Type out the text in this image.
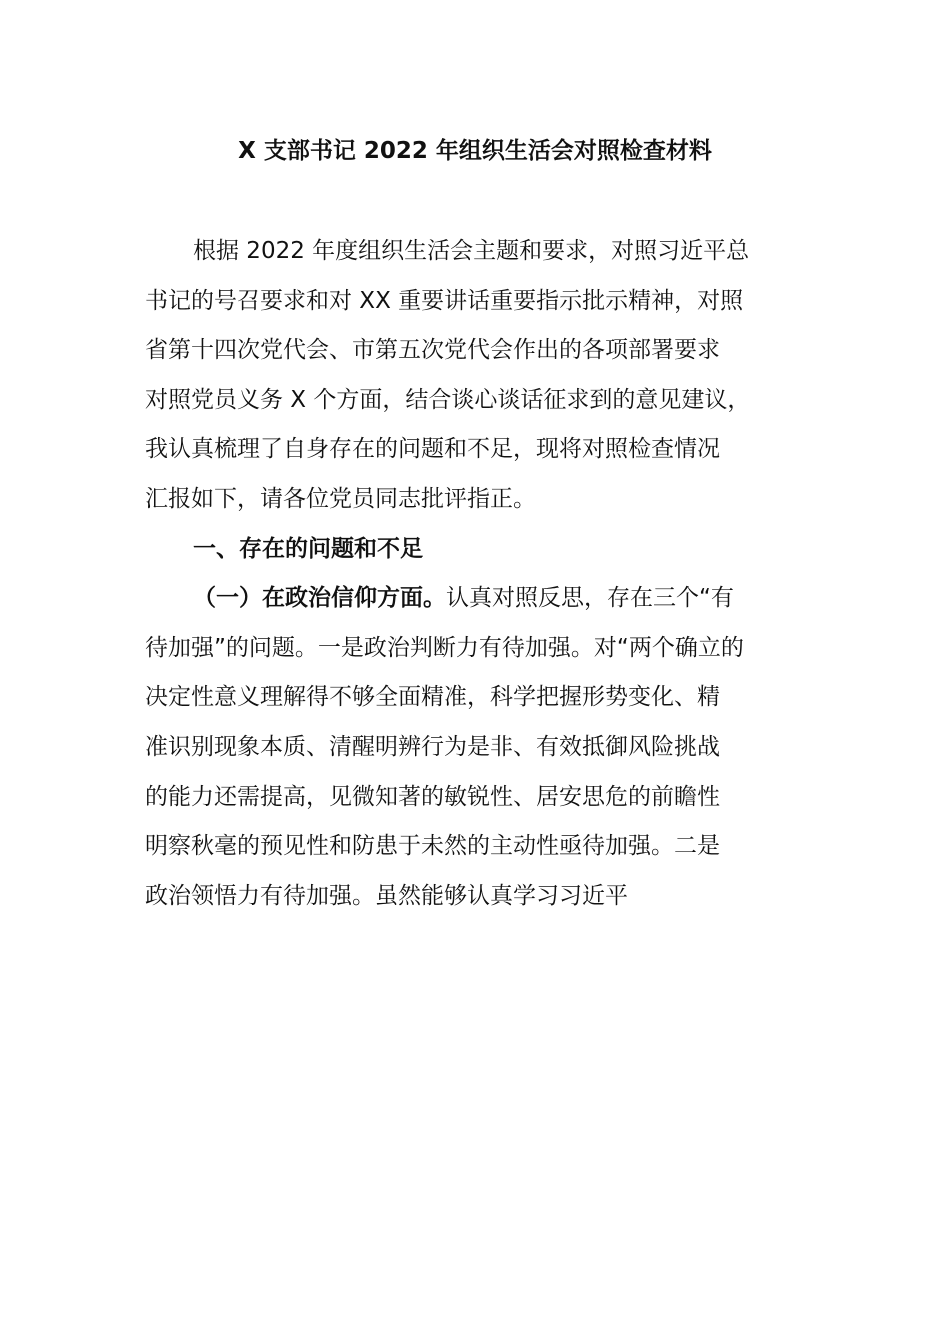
X 支部书记 2022 年组织生活会对照检查材料
根据 2022 年度组织生活会主题和要求，对照习近平总
书记的号召要求和对 XX 重要讲话重要指示批示精神，对照
省第十四次党代会、市第五次党代会作出的各项部署要求
对照党员义务 X 个方面，结合谈心谈话征求到的意见建议，
我认真梳理了自身存在的问题和不足，现将对照检查情况
汇报如下，请各位党员同志批评指正。
一、存在的问题和不足
（一）在政治信仰方面。认真对照反思，存在三个“有
待加强”的问题。一是政治判断力有待加强。对“两个确立的
决定性意义理解得不够全面精准，科学把握形势变化、精
准识别现象本质、清醒明辨行为是非、有效抵御风险挑战
的能力还需提高，见微知著的敏锐性、居安思危的前瞻性
明察秋毫的预见性和防患于未然的主动性亟待加强。二是
政治领悟力有待加强。虽然能够认真学习习近平
